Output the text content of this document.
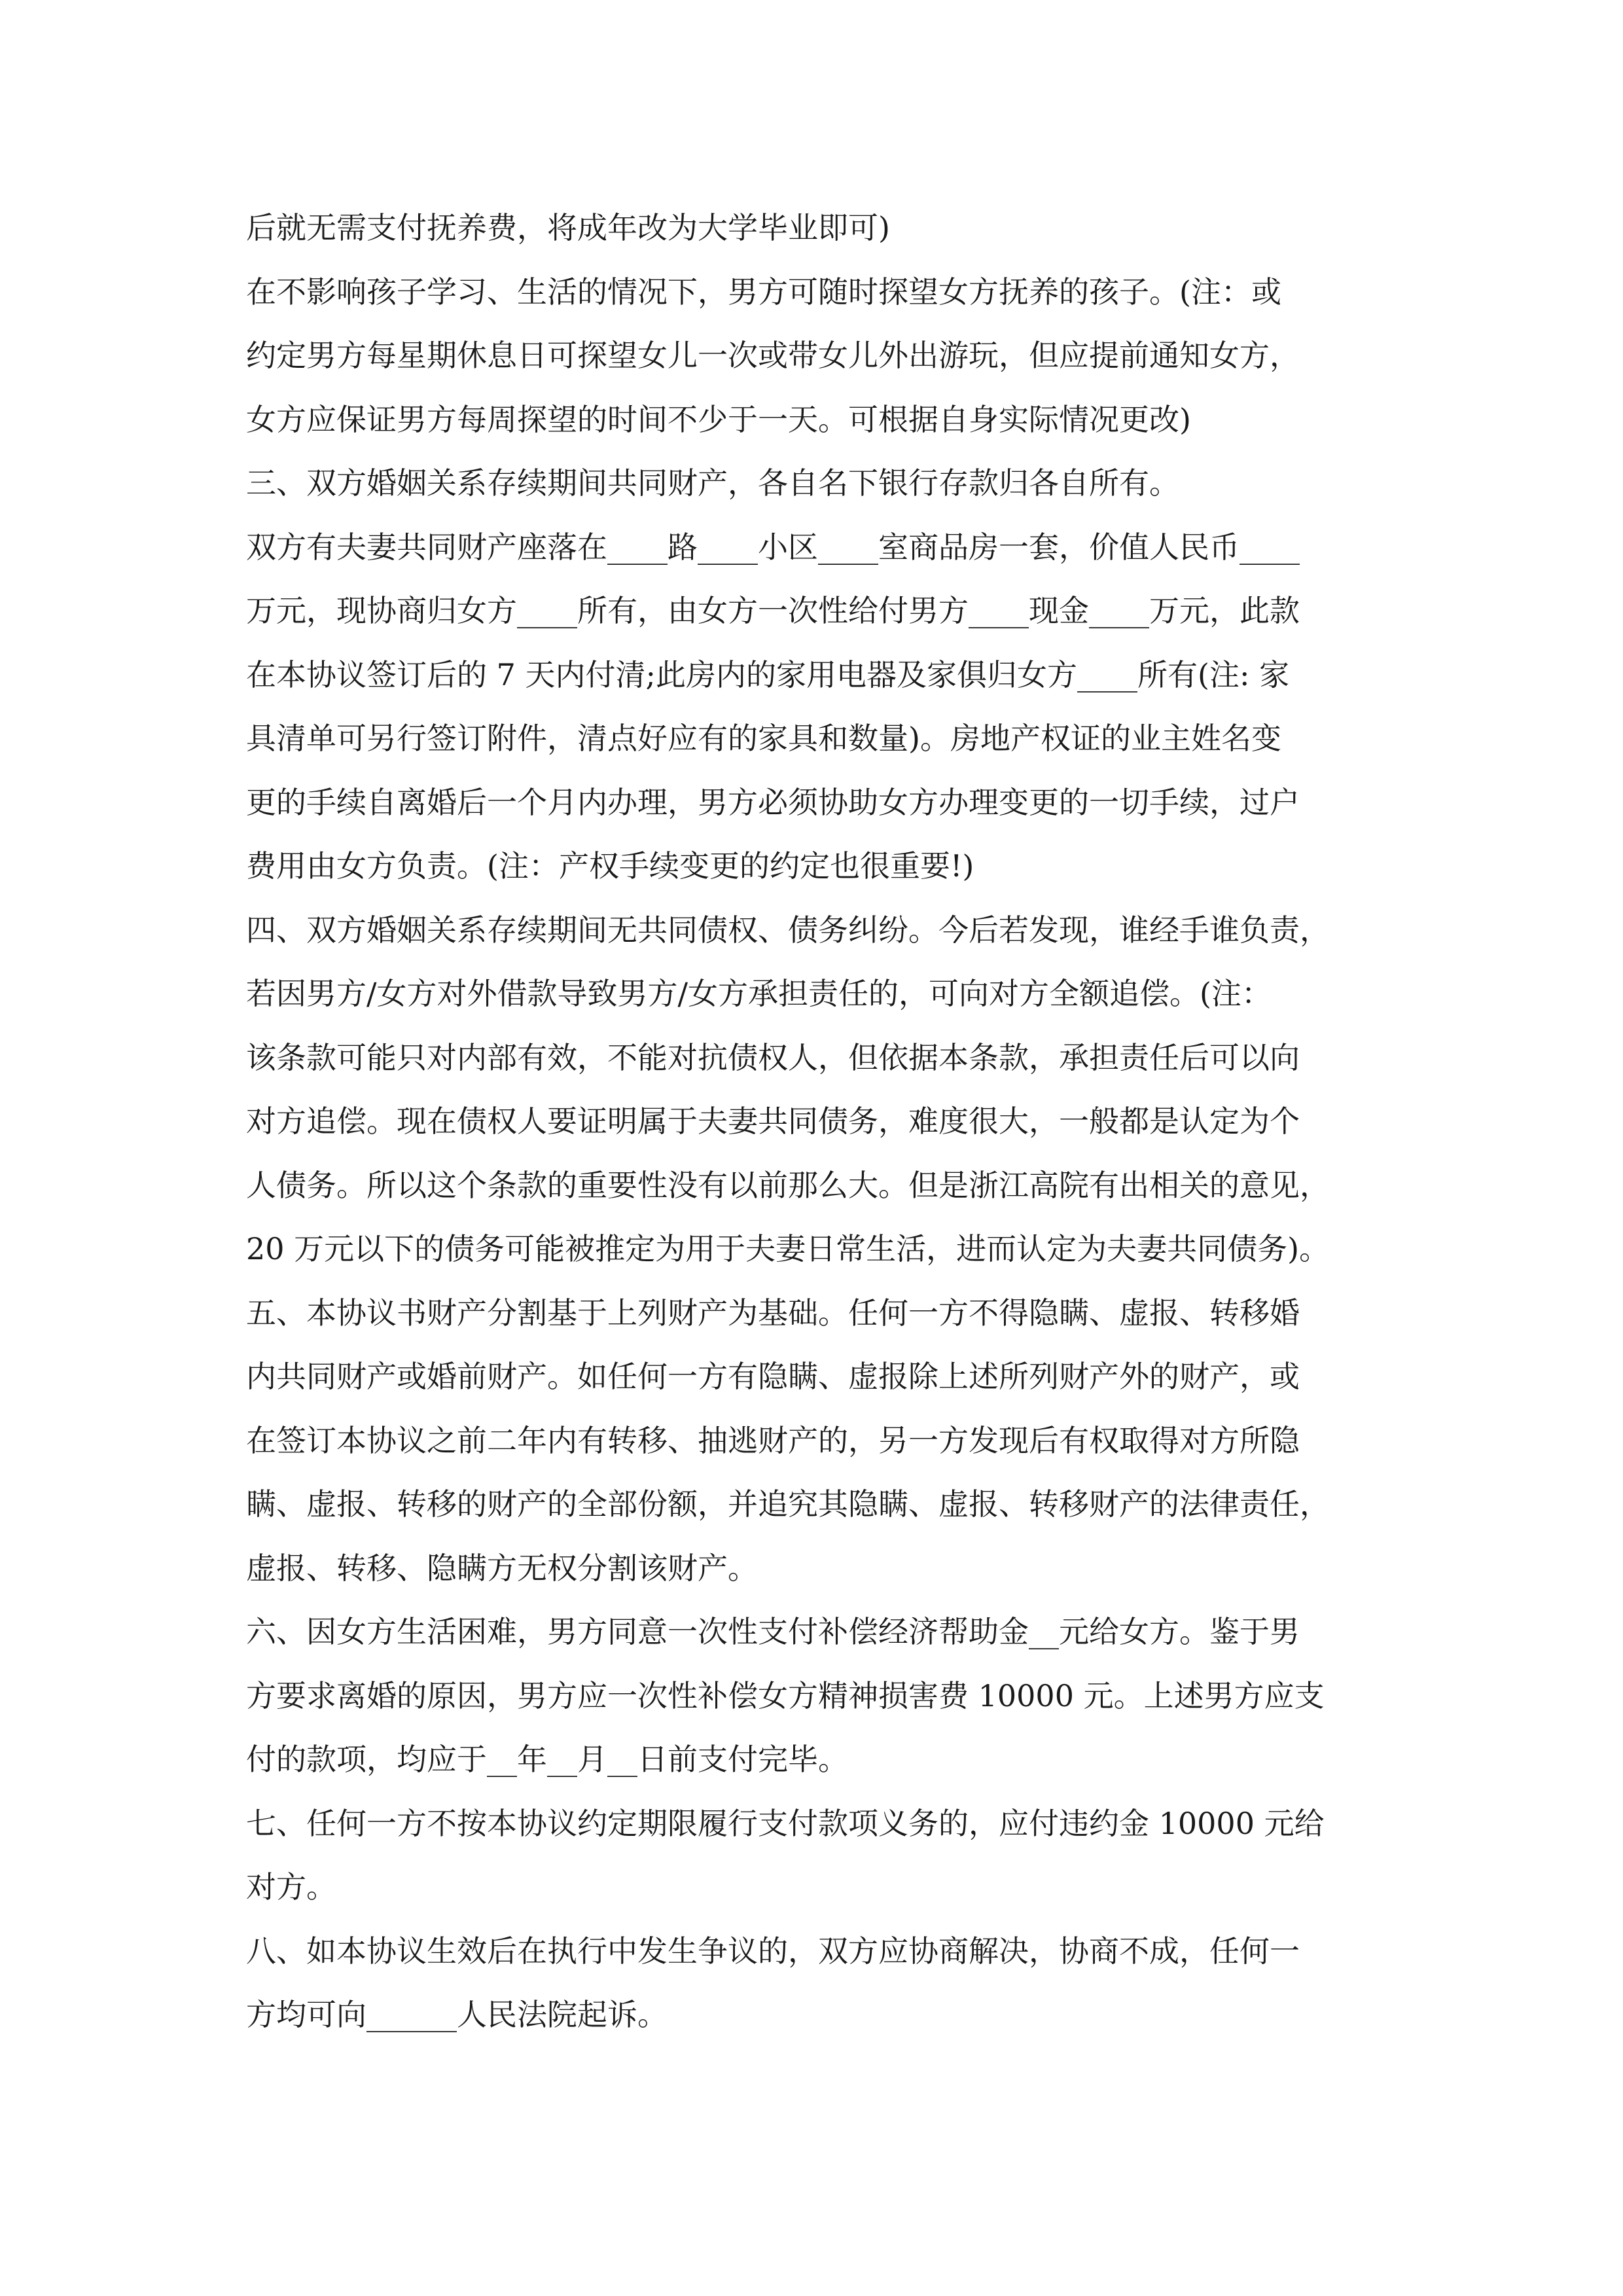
后就无需支付抚养费，将成年改为大学毕业即可)
在不影响孩子学习、生活的情况下，男方可随时探望女方抚养的孩子。(注：或
约定男方每星期休息日可探望女儿一次或带女儿外出游玩，但应提前通知女方，
女方应保证男方每周探望的时间不少于一天。可根据自身实际情况更改)
三、双方婚姻关系存续期间共同财产，各自名下银行存款归各自所有。
双方有夫妻共同财产座落在____路____小区____室商品房一套，价值人民币____
万元，现协商归女方____所有，由女方一次性给付男方____现金____万元，此款
在本协议签订后的 7 天内付清;此房内的家用电器及家俱归女方____所有(注: 家
具清单可另行签订附件，清点好应有的家具和数量)。房地产权证的业主姓名变
更的手续自离婚后一个月内办理，男方必须协助女方办理变更的一切手续，过户
费用由女方负责。(注：产权手续变更的约定也很重要!)
四、双方婚姻关系存续期间无共同债权、债务纠纷。今后若发现，谁经手谁负责，
若因男方/女方对外借款导致男方/女方承担责任的，可向对方全额追偿。(注：
该条款可能只对内部有效，不能对抗债权人，但依据本条款，承担责任后可以向
对方追偿。现在债权人要证明属于夫妻共同债务，难度很大，一般都是认定为个
人债务。所以这个条款的重要性没有以前那么大。但是浙江高院有出相关的意见，
20 万元以下的债务可能被推定为用于夫妻日常生活，进而认定为夫妻共同债务)。
五、本协议书财产分割基于上列财产为基础。任何一方不得隐瞒、虚报、转移婚
内共同财产或婚前财产。如任何一方有隐瞒、虚报除上述所列财产外的财产，或
在签订本协议之前二年内有转移、抽逃财产的，另一方发现后有权取得对方所隐
瞒、虚报、转移的财产的全部份额，并追究其隐瞒、虚报、转移财产的法律责任，
虚报、转移、隐瞒方无权分割该财产。
六、因女方生活困难，男方同意一次性支付补偿经济帮助金__元给女方。鉴于男
方要求离婚的原因，男方应一次性补偿女方精神损害费 10000 元。上述男方应支
付的款项，均应于__年__月__日前支付完毕。
七、任何一方不按本协议约定期限履行支付款项义务的，应付违约金 10000 元给
对方。
八、如本协议生效后在执行中发生争议的，双方应协商解决，协商不成，任何一
方均可向______人民法院起诉。
